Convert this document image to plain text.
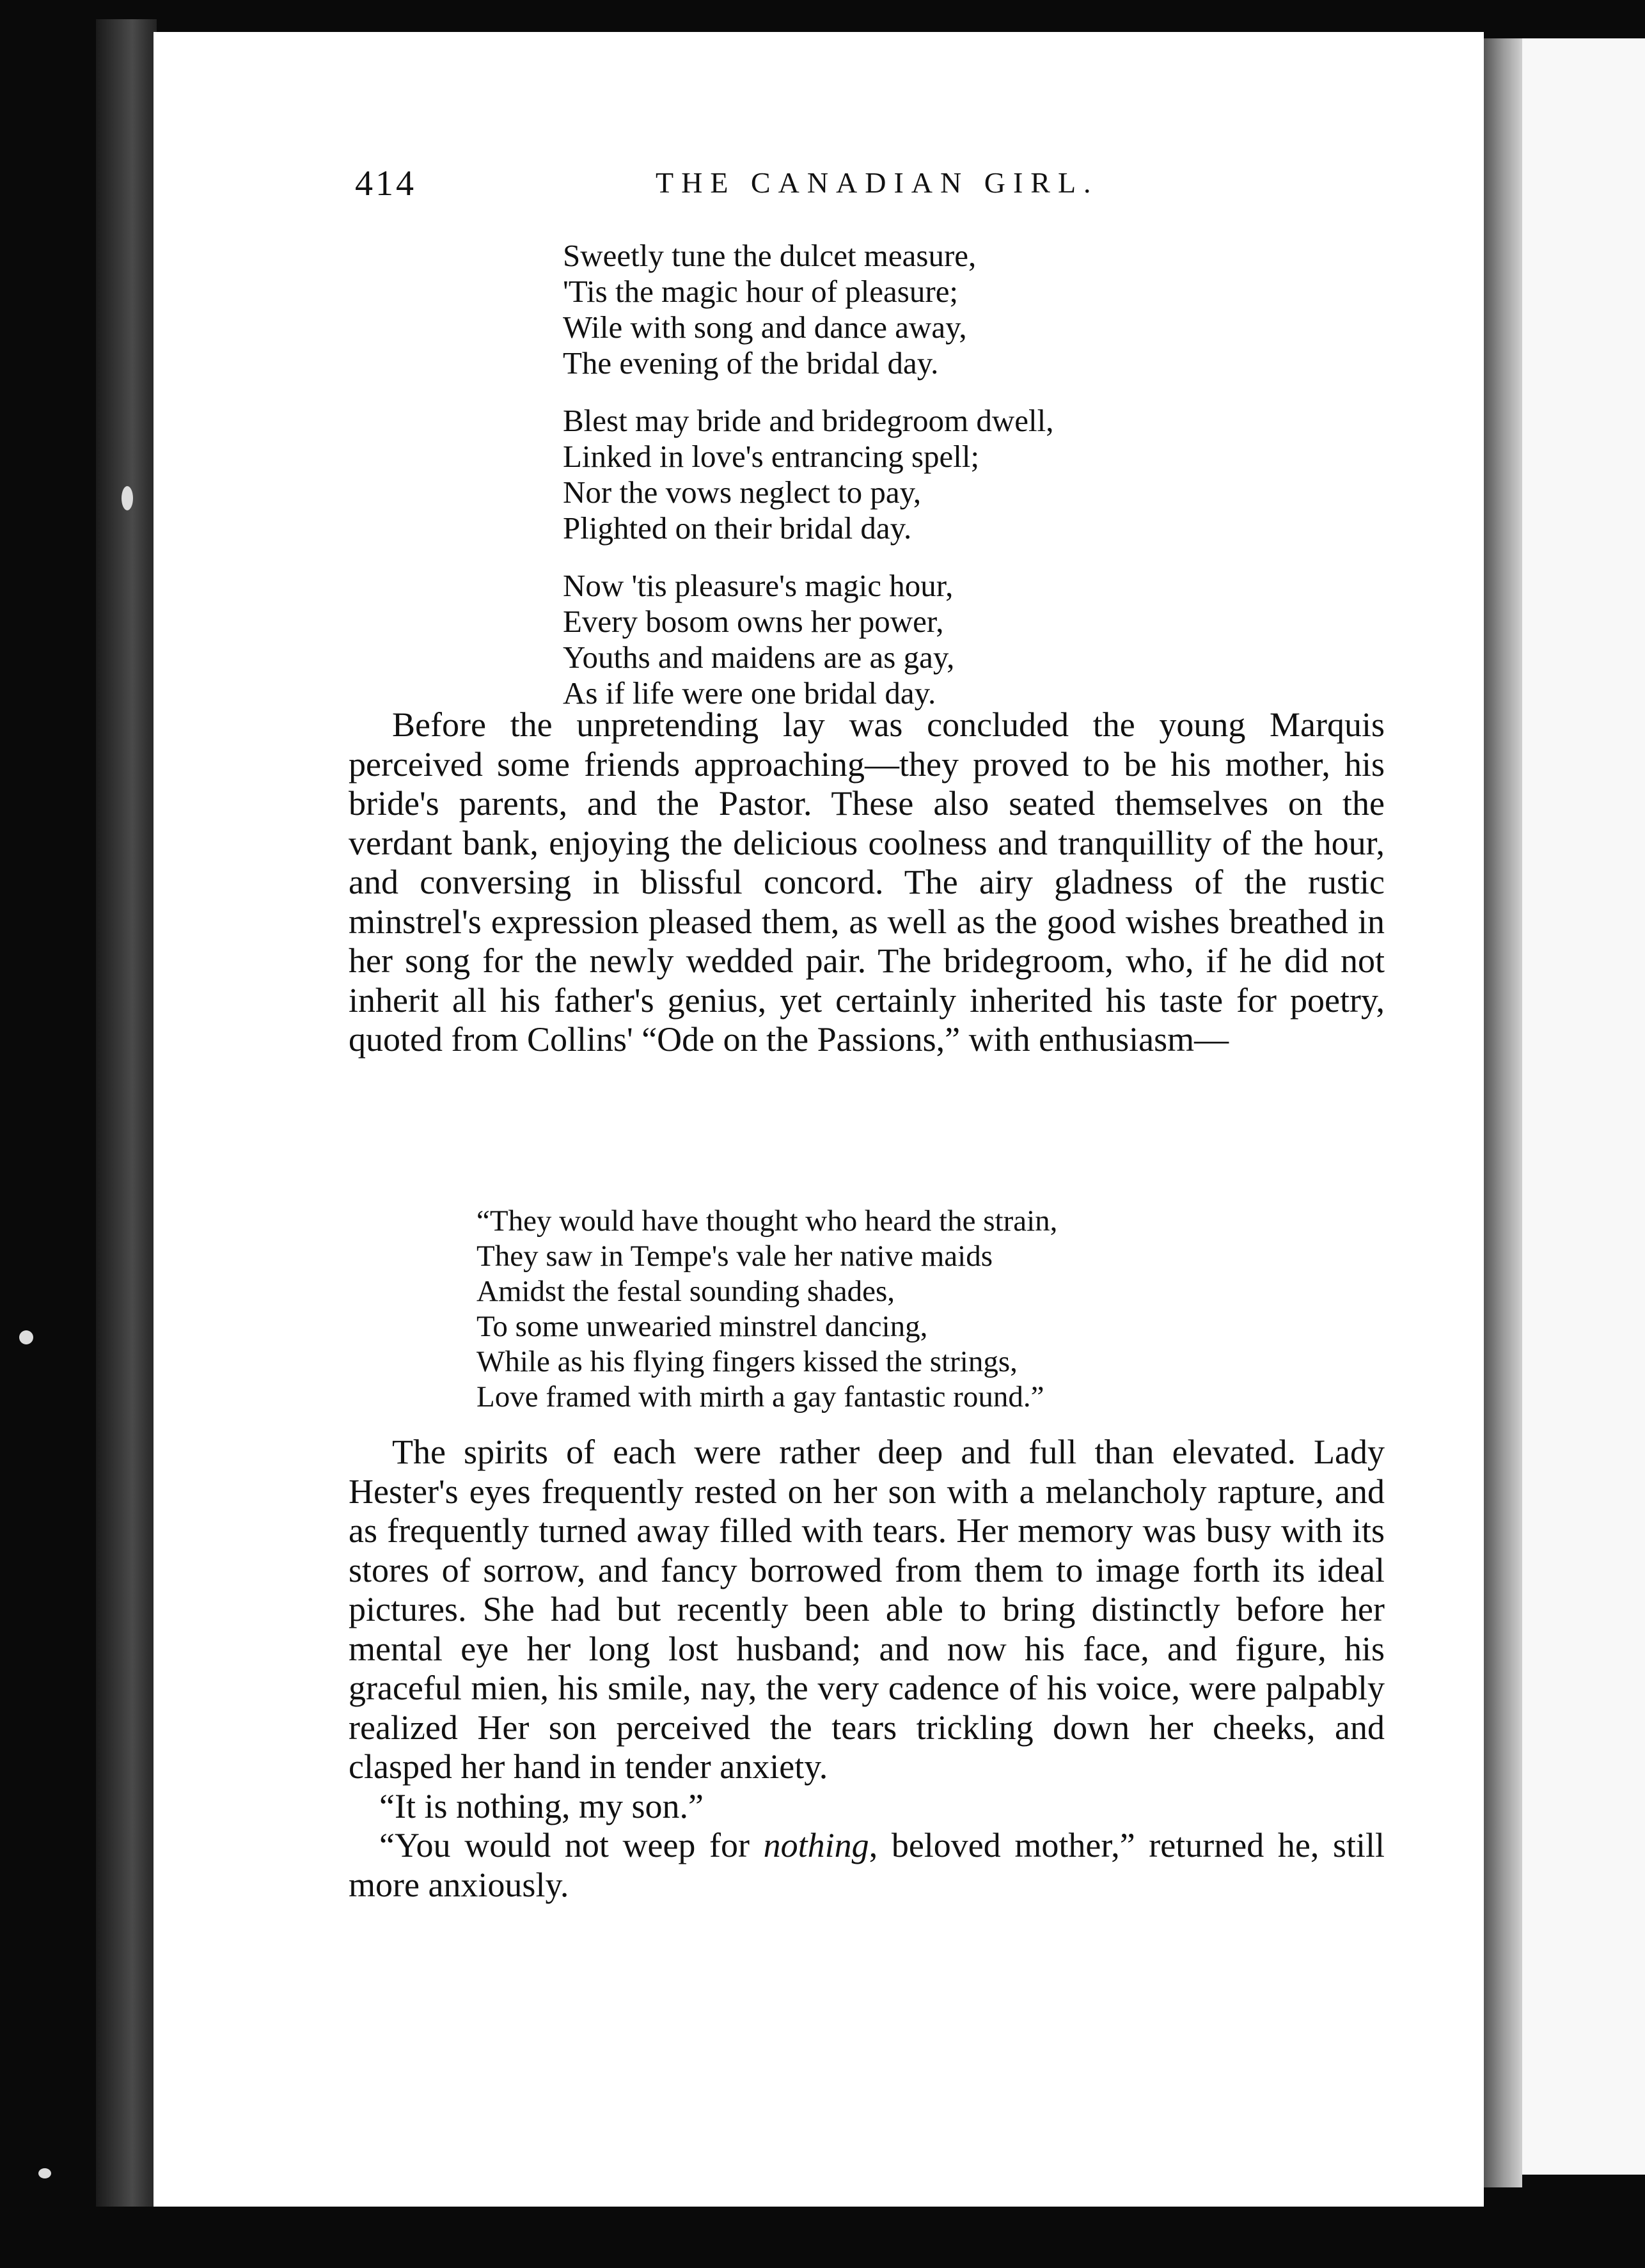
414	THE CANADIAN GIRL.
Sweetly tune the dulcet measure,
'Tis the magic hour of pleasure;
Wile with song and dance away,
The evening of the bridal day.
Blest may bride and bridegroom dwell,
Linked in love's entrancing spell;
Nor the vows neglect to pay,
Plighted on their bridal day.
Now 'tis pleasure's magic hour,
Every bosom owns her power,
Youths and maidens are as gay,
As if life were one bridal day.

Before the unpretending lay was concluded the young Marquis perceived some friends approaching—they proved to be his mother, his bride's parents, and the Pastor. These also seated themselves on the verdant bank, enjoying the delicious coolness and tranquillity of the hour, and conversing in blissful concord. The airy gladness of the rustic minstrel's expression pleased them, as well as the good wishes breathed in her song for the newly wedded pair. The bridegroom, who, if he did not inherit all his father's genius, yet certainly inherited his taste for poetry, quoted from Collins' “Ode on the Passions,” with enthusiasm—

“They would have thought who heard the strain,
They saw in Tempe's vale her native maids
Amidst the festal sounding shades,
To some unwearied minstrel dancing,
While as his flying fingers kissed the strings,
Love framed with mirth a gay fantastic round.”

The spirits of each were rather deep and full than elevated. Lady Hester's eyes frequently rested on her son with a melancholy rapture, and as frequently turned away filled with tears. Her memory was busy with its stores of sorrow, and fancy borrowed from them to image forth its ideal pictures. She had but recently been able to bring distinctly before her mental eye her long lost husband; and now his face, and figure, his graceful mien, his smile, nay, the very cadence of his voice, were palpably realized Her son perceived the tears trickling down her cheeks, and clasped her hand in tender anxiety.

“It is nothing, my son.”

“You would not weep for nothing, beloved mother,” returned he, still more anxiously.
